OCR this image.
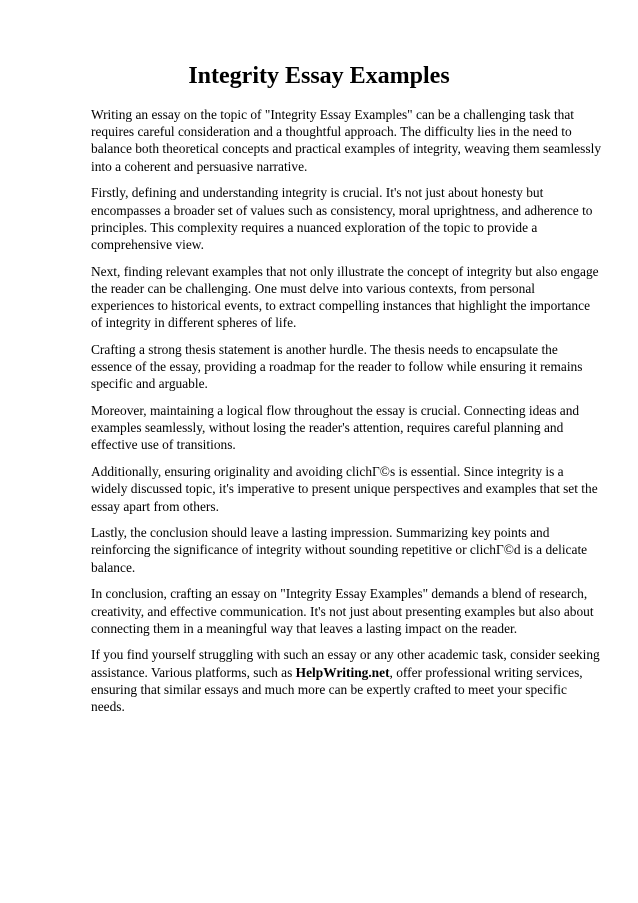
Integrity Essay Examples

Writing an essay on the topic of "Integrity Essay Examples" can be a challenging task that requires careful consideration and a thoughtful approach. The difficulty lies in the need to balance both theoretical concepts and practical examples of integrity, weaving them seamlessly into a coherent and persuasive narrative.

Firstly, defining and understanding integrity is crucial. It's not just about honesty but encompasses a broader set of values such as consistency, moral uprightness, and adherence to principles. This complexity requires a nuanced exploration of the topic to provide a comprehensive view.

Next, finding relevant examples that not only illustrate the concept of integrity but also engage the reader can be challenging. One must delve into various contexts, from personal experiences to historical events, to extract compelling instances that highlight the importance of integrity in different spheres of life.

Crafting a strong thesis statement is another hurdle. The thesis needs to encapsulate the essence of the essay, providing a roadmap for the reader to follow while ensuring it remains specific and arguable.

Moreover, maintaining a logical flow throughout the essay is crucial. Connecting ideas and examples seamlessly, without losing the reader's attention, requires careful planning and effective use of transitions.

Additionally, ensuring originality and avoiding clichΓ©s is essential. Since integrity is a widely discussed topic, it's imperative to present unique perspectives and examples that set the essay apart from others.

Lastly, the conclusion should leave a lasting impression. Summarizing key points and reinforcing the significance of integrity without sounding repetitive or clichΓ©d is a delicate balance.

In conclusion, crafting an essay on "Integrity Essay Examples" demands a blend of research, creativity, and effective communication. It's not just about presenting examples but also about connecting them in a meaningful way that leaves a lasting impact on the reader.

If you find yourself struggling with such an essay or any other academic task, consider seeking assistance. Various platforms, such as HelpWriting.net, offer professional writing services, ensuring that similar essays and much more can be expertly crafted to meet your specific needs.
